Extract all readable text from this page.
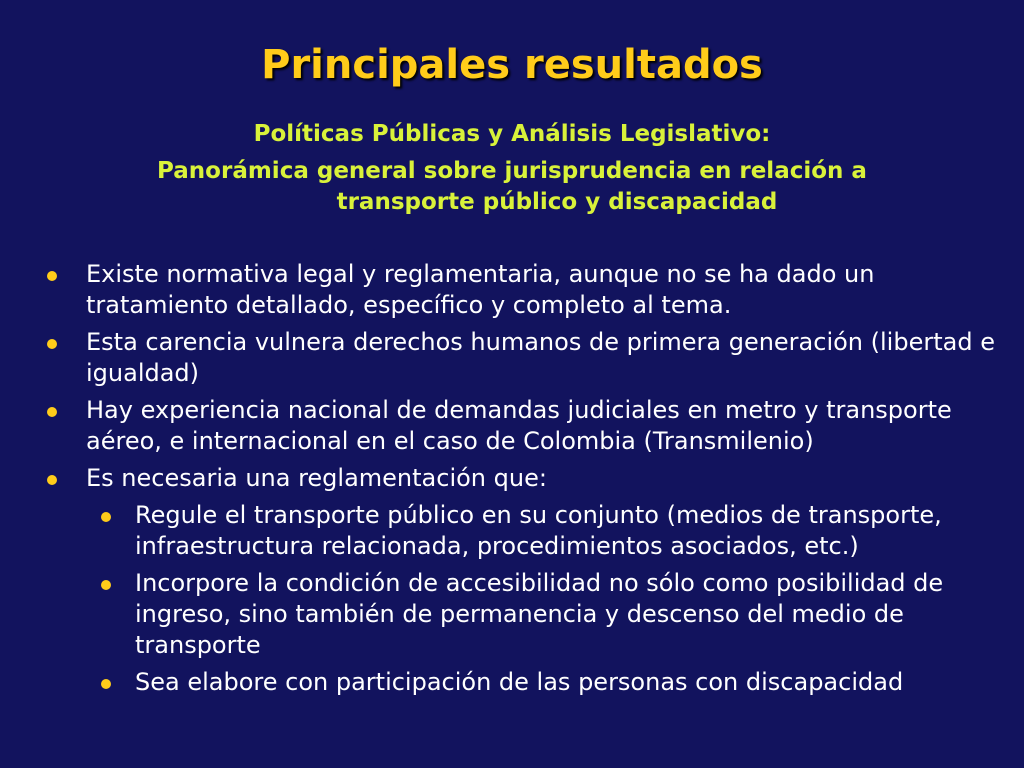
Principales resultados
Políticas Públicas y Análisis Legislativo:
Panorámica general sobre jurisprudencia en relación a
transporte público y discapacidad
Existe normativa legal y reglamentaria, aunque no se ha dado un tratamiento detallado, específico y completo al tema.
Esta carencia vulnera derechos humanos de primera generación (libertad e igualdad)
Hay experiencia nacional de demandas judiciales en metro y transporte aéreo, e internacional en el caso de Colombia (Transmilenio)
Es necesaria una reglamentación que:
Regule el transporte público en su conjunto (medios de transporte, infraestructura relacionada, procedimientos asociados, etc.)
Incorpore la condición de accesibilidad no sólo como posibilidad de ingreso, sino también de permanencia y descenso del medio de transporte
Sea elabore con participación de las personas con discapacidad
